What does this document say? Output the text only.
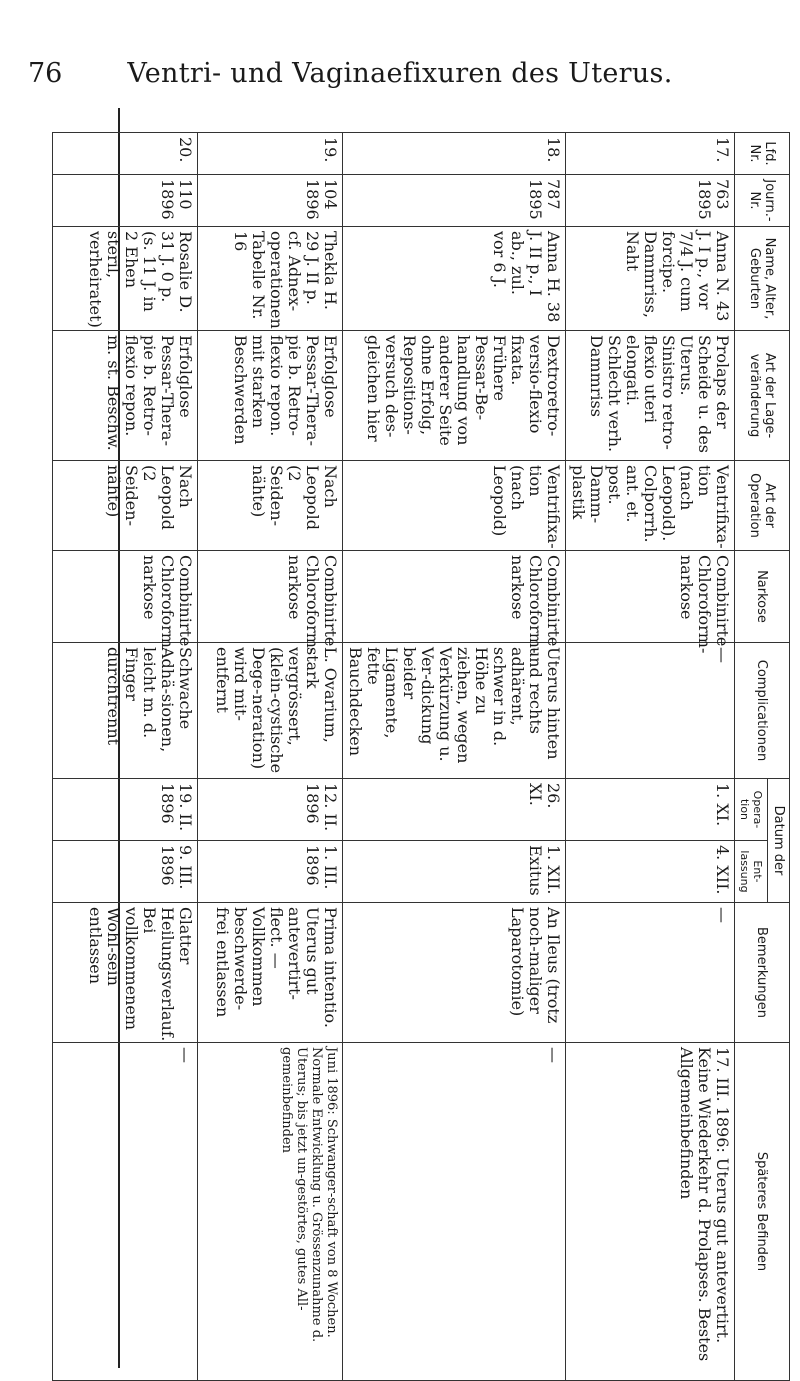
76	Ventri- und Vaginaefixuren des Uterus.
Lfd. Nr.	Journ.-Nr.	Name, Alter, Geburten	Art der Lage-veränderung	Art der Operation	Narkose	Complicationen	Datum der		Bemerkungen	Späteres Befinden
							Opera-tion	Ent-lassung		
17.	763 1895	Anna N. 43 J. I p., vor 7/4 J. cum forcipe. Dammriss, Naht	Prolaps der Scheide u. des Uterus. Sinistro retro-flexio uteri elongati. Schlecht verh. Dammriss	Ventrifixa-tion (nach Leopold). Colporrh. ant. et. post. Damm-plastik	Combinirte Chloroform-narkose	—	1. XI.	4. XII.	—	17. III. 1896: Uterus gut antevertirt. Keine Wiederkehr d. Prolapses. Bestes Allgemeinbefinden
18.	787 1895	Anna H. 38 J. II p., I ab., zul. vor 6 J.	Dextroretro-versio-flexio fixata. Frühere Pessar-Be-handlung von anderer Seite ohne Erfolg, Repositions-versuch des-gleichen hier	Ventrifixa-tion (nach Leopold)	Combinirte Chloroform-narkose	Uterus hinten und rechts adhärent, schwer in d. Höhe zu ziehen, wegen Verkürzung u. Ver-dickung beider Ligamente, fette Bauchdecken	26. XI.	1. XII. Exitus	An Ileus (trotz noch-maliger Laparotomie)	—
19.	104 1896	Thekla H. 29 J. II p. cf. Adnex-operationen Tabelle Nr. 16	Erfolglose Pessar-Thera-pie b. Retro-flexio repon. mit starken Beschwerden	Nach Leopold (2 Seiden-nähte)	Combinirte Chloroform-narkose	L. Ovarium, stark vergrössert, (klein-cystische Dege-neration) wird mit-entfernt	12. II. 1896	1. III. 1896	Prima intentio. Uterus gut antevertirt-flect. — Vollkommen beschwerde-frei entlassen	Juni 1896: Schwanger-schaft von 8 Wochen. Normale Entwicklung u. Grössenzunahme d. Uterus; bis jetzt un-gestörtes, gutes All-gemeinbefinden
20.	110 1896	Rosalie D. 31 J. 0 p. (s. 11 J. in 2 Ehen steril, verheiratet)	Erfolglose Pessar-Thera-pie b. Retro-flexio repon. m. st. Beschw.	Nach Leopold (2 Seiden-nähte)	Combinirte Chloroform-narkose	Schwache Adhä-sionen, leicht m. d. Finger durchtrennt	19. II. 1896	9. III. 1896	Glatter Heilungsverlauf. Bei vollkommenem Wohl-sein entlassen	—
